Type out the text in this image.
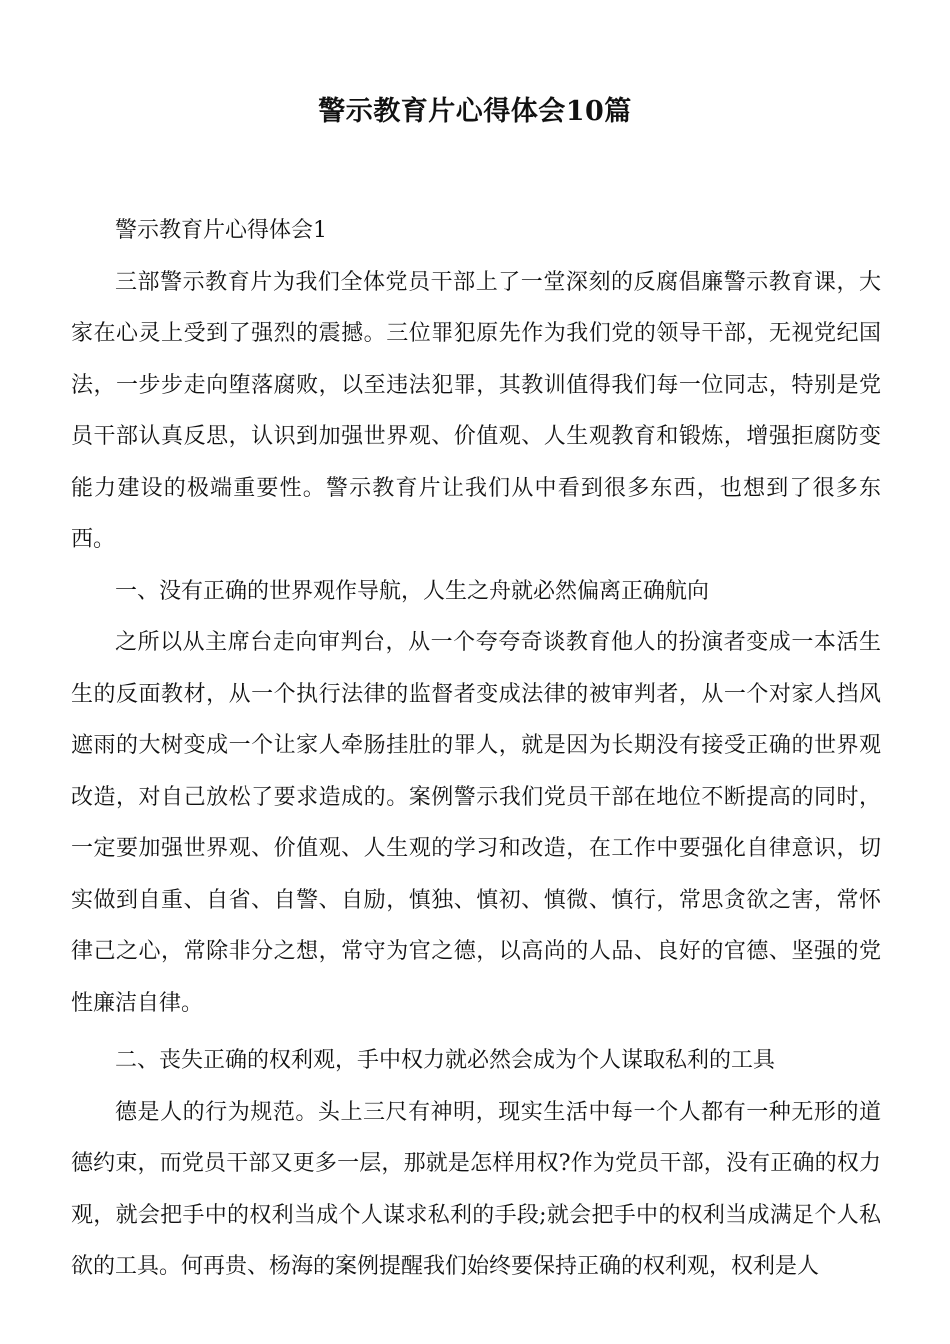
警示教育片心得体会10篇

警示教育片心得体会1

三部警示教育片为我们全体党员干部上了一堂深刻的反腐倡廉警示教育课，大家在心灵上受到了强烈的震撼。三位罪犯原先作为我们党的领导干部，无视党纪国法，一步步走向堕落腐败，以至违法犯罪，其教训值得我们每一位同志，特别是党员干部认真反思，认识到加强世界观、价值观、人生观教育和锻炼，增强拒腐防变能力建设的极端重要性。警示教育片让我们从中看到很多东西，也想到了很多东西。

一、没有正确的世界观作导航，人生之舟就必然偏离正确航向

之所以从主席台走向审判台，从一个夸夸奇谈教育他人的扮演者变成一本活生生的反面教材，从一个执行法律的监督者变成法律的被审判者，从一个对家人挡风遮雨的大树变成一个让家人牵肠挂肚的罪人，就是因为长期没有接受正确的世界观改造，对自己放松了要求造成的。案例警示我们党员干部在地位不断提高的同时，一定要加强世界观、价值观、人生观的学习和改造，在工作中要强化自律意识，切实做到自重、自省、自警、自励，慎独、慎初、慎微、慎行，常思贪欲之害，常怀律己之心，常除非分之想，常守为官之德，以高尚的人品、良好的官德、坚强的党性廉洁自律。

二、丧失正确的权利观，手中权力就必然会成为个人谋取私利的工具

德是人的行为规范。头上三尺有神明，现实生活中每一个人都有一种无形的道德约束，而党员干部又更多一层，那就是怎样用权?作为党员干部，没有正确的权力观，就会把手中的权利当成个人谋求私利的手段;就会把手中的权利当成满足个人私欲的工具。何再贵、杨海的案例提醒我们始终要保持正确的权利观，权利是人
